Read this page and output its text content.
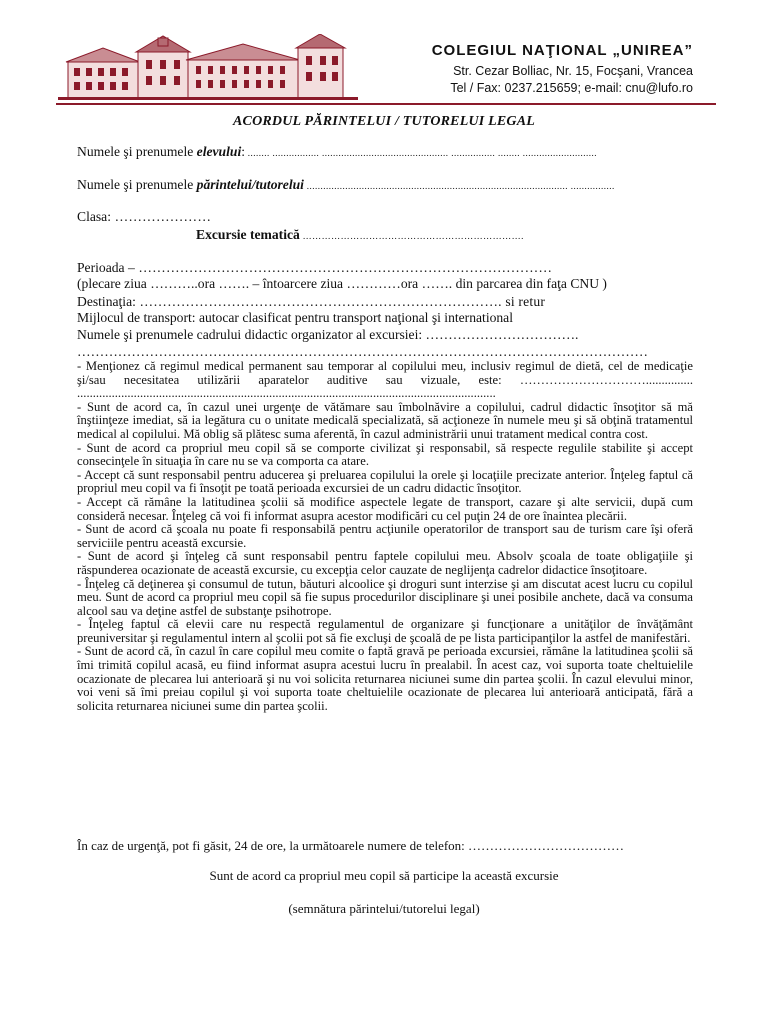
COLEGIUL NAŢIONAL „UNIREA”
Str. Cezar Bolliac, Nr. 15, Focşani, Vrancea
Tel / Fax: 0237.215659; e-mail: cnu@lufo.ro
ACORDUL PĂRINTELUI / TUTORELUI LEGAL
Numele şi prenumele elevului: ........ ................. .............................................. ................ ........ ...........................
Numele şi prenumele părintelui/tutorelui ............................................................................................... ................
Clasa: …………………
Excursie tematică …………………………………………………………….
Perioada – ………………………………………………………………………………
(plecare ziua ………..ora ……. – întoarcere ziua …………ora ……. din parcarea din faţa CNU )
Destinaţia: ……………………………………………………………………. si retur
Mijlocul de transport: autocar clasificat pentru transport naţional şi international
Numele şi prenumele cadrului didactic organizator al excursiei: …………………………….
………………………………………………………………………………………………………………

- Menţionez că regimul medical permanent sau temporar al copilului meu, inclusiv regimul de dietă, cel de medicaţie şi/sau necesitatea utilizării aparatelor auditive sau vizuale, este: …………………………............... .....................................................................................................................................

- Sunt de acord ca, în cazul unei urgenţe de vătămare sau îmbolnăvire a copilului, cadrul didactic însoţitor să mă înştiinţeze imediat, să ia legătura cu o unitate medicală specializată, să acţioneze în numele meu şi să obţină tratamentul medical al copilului. Mă oblig să plătesc suma aferentă, în cazul administrării unui tratament medical contra cost.

- Sunt de acord ca propriul meu copil să se comporte civilizat şi responsabil, să respecte regulile stabilite şi accept consecinţele în situaţia în care nu se va comporta ca atare.

- Accept că sunt responsabil pentru aducerea şi preluarea copilului la orele şi locaţiile precizate anterior. Înţeleg faptul că propriul meu copil va fi însoţit pe toată perioada excursiei de un cadru didactic însoţitor.

- Accept că rămâne la latitudinea şcolii să modifice aspectele legate de transport, cazare şi alte servicii, după cum consideră necesar. Înţeleg că voi fi informat asupra acestor modificări cu cel puţin 24 de ore înaintea plecării.

- Sunt de acord că şcoala nu poate fi responsabilă pentru acţiunile operatorilor de transport sau de turism care îşi oferă serviciile pentru această excursie.

- Sunt de acord şi înţeleg că sunt responsabil pentru faptele copilului meu. Absolv şcoala de toate obligaţiile şi răspunderea ocazionate de această excursie, cu excepţia celor cauzate de neglijenţa cadrelor didactice însoţitoare.

- Înţeleg că deţinerea şi consumul de tutun, băuturi alcoolice şi droguri sunt interzise şi am discutat acest lucru cu copilul meu. Sunt de acord ca propriul meu copil să fie supus procedurilor disciplinare şi unei posibile anchete, dacă va consuma alcool sau va deţine astfel de substanţe psihotrope.

- Înţeleg faptul că elevii care nu respectă regulamentul de organizare şi funcţionare a unităţilor de învăţământ preuniversitar şi regulamentul intern al şcolii pot să fie excluşi de şcoală de pe lista participanţilor la astfel de manifestări.

- Sunt de acord că, în cazul în care copilul meu comite o faptă gravă pe perioada excursiei, rămâne la latitudinea şcolii să îmi trimită copilul acasă, eu fiind informat asupra acestui lucru în prealabil. În acest caz, voi suporta toate cheltuielile ocazionate de plecarea lui anterioară şi nu voi solicita returnarea niciunei sume din partea şcolii. În cazul elevului minor, voi veni să îmi preiau copilul şi voi suporta toate cheltuielile ocazionate de plecarea lui anterioară anticipată, fără a solicita returnarea niciunei sume din partea şcolii.

În caz de urgenţă, pot fi găsit, 24 de ore, la următoarele numere de telefon: ………………………………
Sunt de acord ca propriul meu copil să participe la această excursie
(semnătura părintelui/tutorelui legal)
